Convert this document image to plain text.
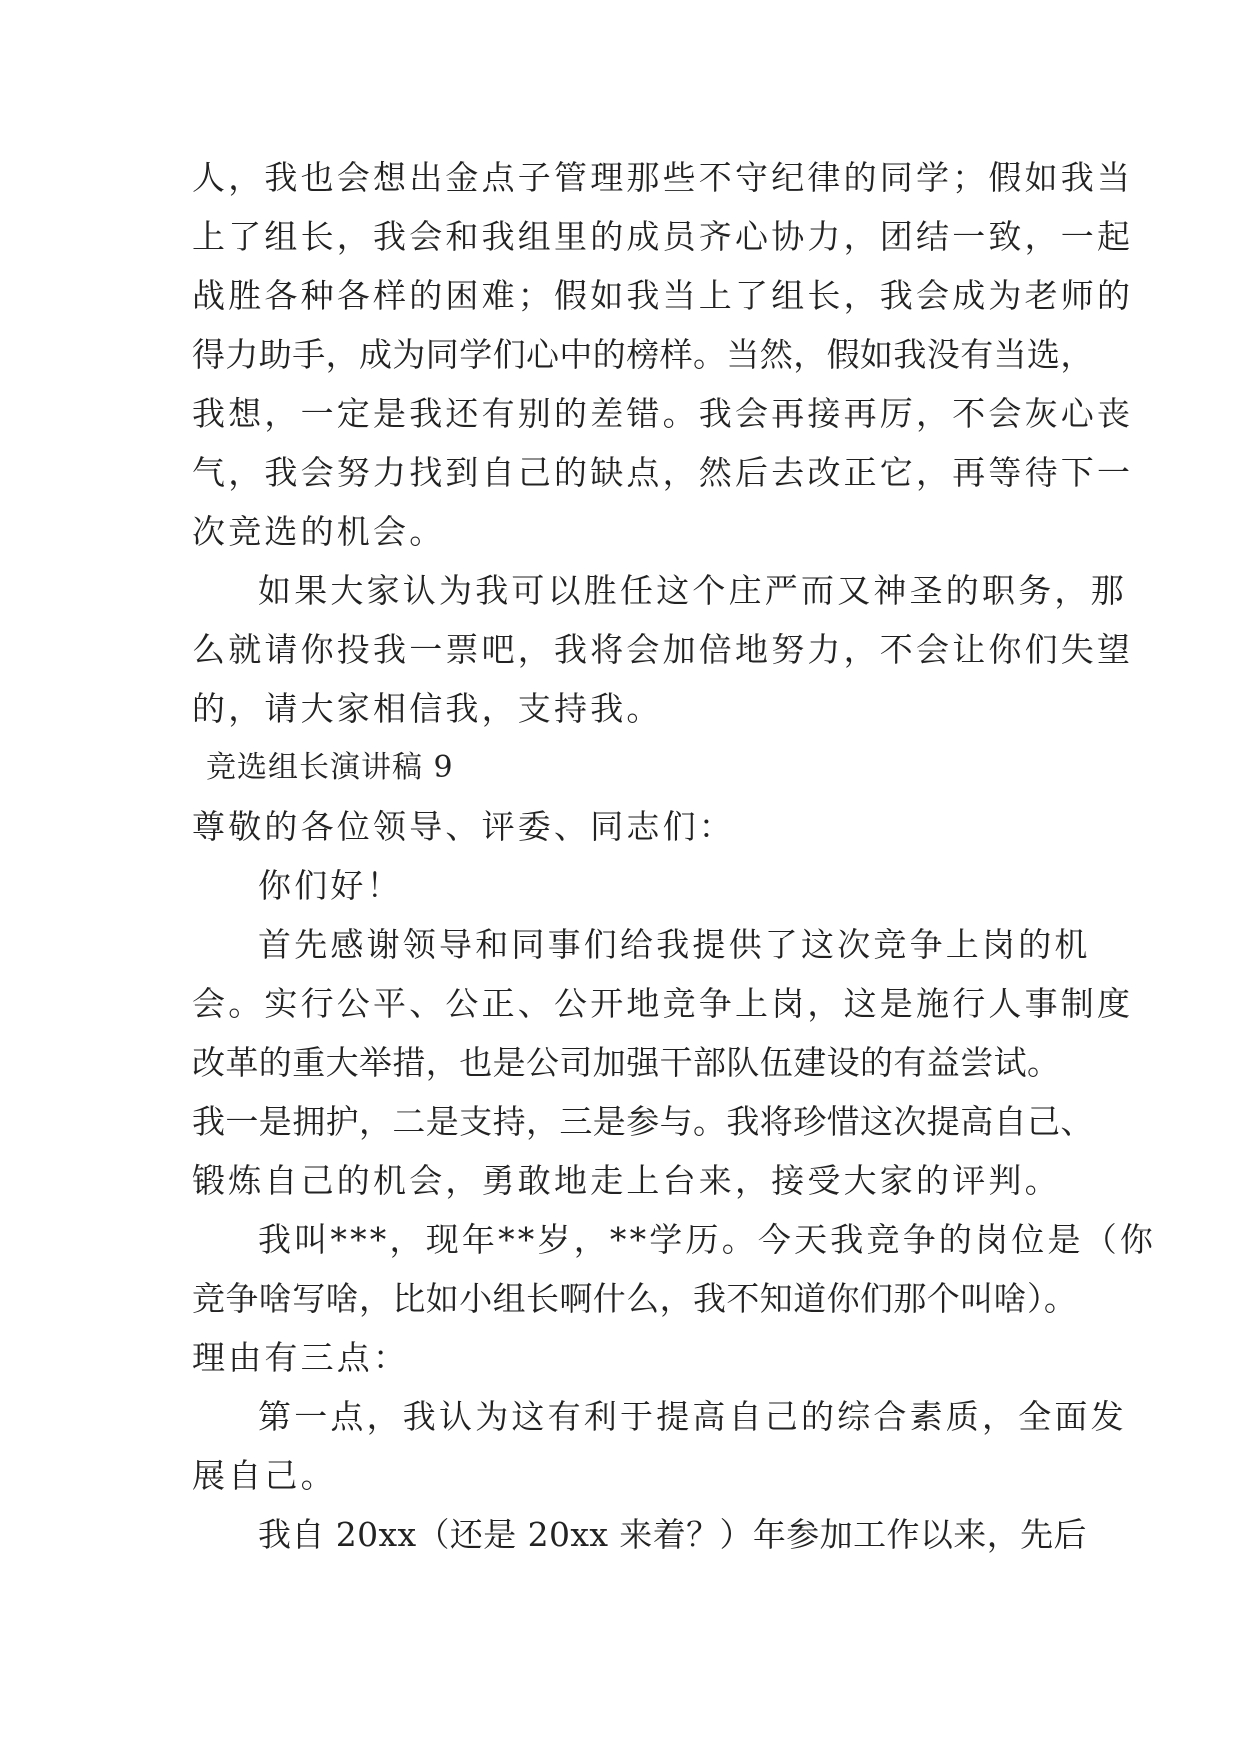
人，我也会想出金点子管理那些不守纪律的同学；假如我当
上了组长，我会和我组里的成员齐心协力，团结一致，一起
战胜各种各样的困难；假如我当上了组长，我会成为老师的
得力助手，成为同学们心中的榜样。当然，假如我没有当选，
我想，一定是我还有别的差错。我会再接再厉，不会灰心丧
气，我会努力找到自己的缺点，然后去改正它，再等待下一
次竞选的机会。
如果大家认为我可以胜任这个庄严而又神圣的职务，那
么就请你投我一票吧，我将会加倍地努力，不会让你们失望
的，请大家相信我，支持我。
竞选组长演讲稿 9
尊敬的各位领导、评委、同志们：
你们好！
首先感谢领导和同事们给我提供了这次竞争上岗的机
会。实行公平、公正、公开地竞争上岗，这是施行人事制度
改革的重大举措，也是公司加强干部队伍建设的有益尝试。
我一是拥护，二是支持，三是参与。我将珍惜这次提高自己、
锻炼自己的机会，勇敢地走上台来，接受大家的评判。
我叫***，现年**岁，**学历。今天我竞争的岗位是（你
竞争啥写啥，比如小组长啊什么，我不知道你们那个叫啥）。
理由有三点：
第一点，我认为这有利于提高自己的综合素质，全面发
展自己。
我自 20xx（还是 20xx 来着？）年参加工作以来，先后
